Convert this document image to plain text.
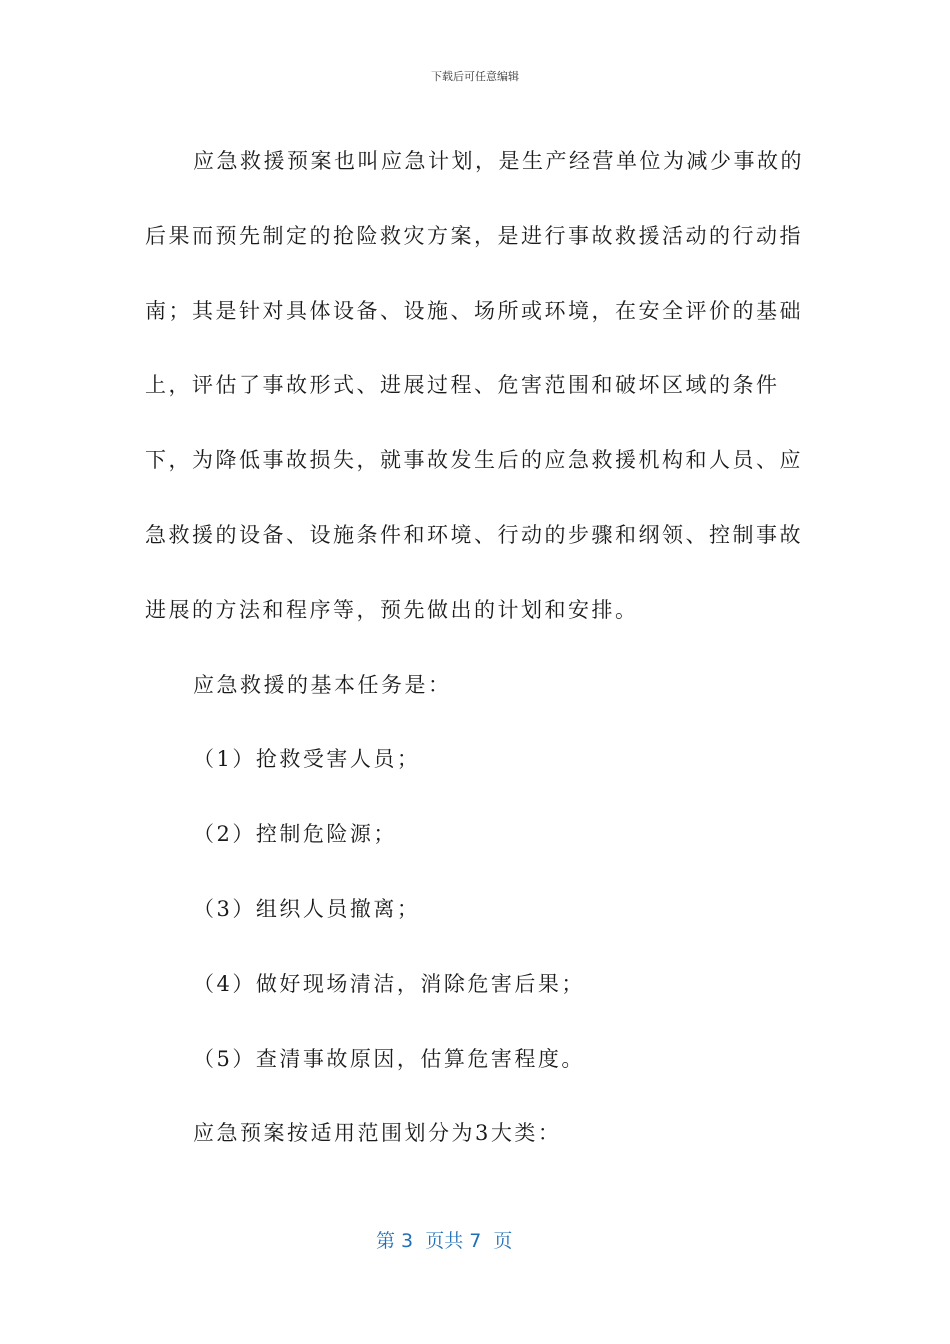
下载后可任意编辑

应急救援预案也叫应急计划，是生产经营单位为减少事故的后果而预先制定的抢险救灾方案，是进行事故救援活动的行动指南；其是针对具体设备、设施、场所或环境，在安全评价的基础上，评估了事故形式、进展过程、危害范围和破坏区域的条件下，为降低事故损失，就事故发生后的应急救援机构和人员、应急救援的设备、设施条件和环境、行动的步骤和纲领、控制事故进展的方法和程序等，预先做出的计划和安排。

应急救援的基本任务是：

（1）抢救受害人员；

（2）控制危险源；

（3）组织人员撤离；

（4）做好现场清洁，消除危害后果；

（5）查清事故原因，估算危害程度。

应急预案按适用范围划分为3大类：

第 3  页共 7  页
